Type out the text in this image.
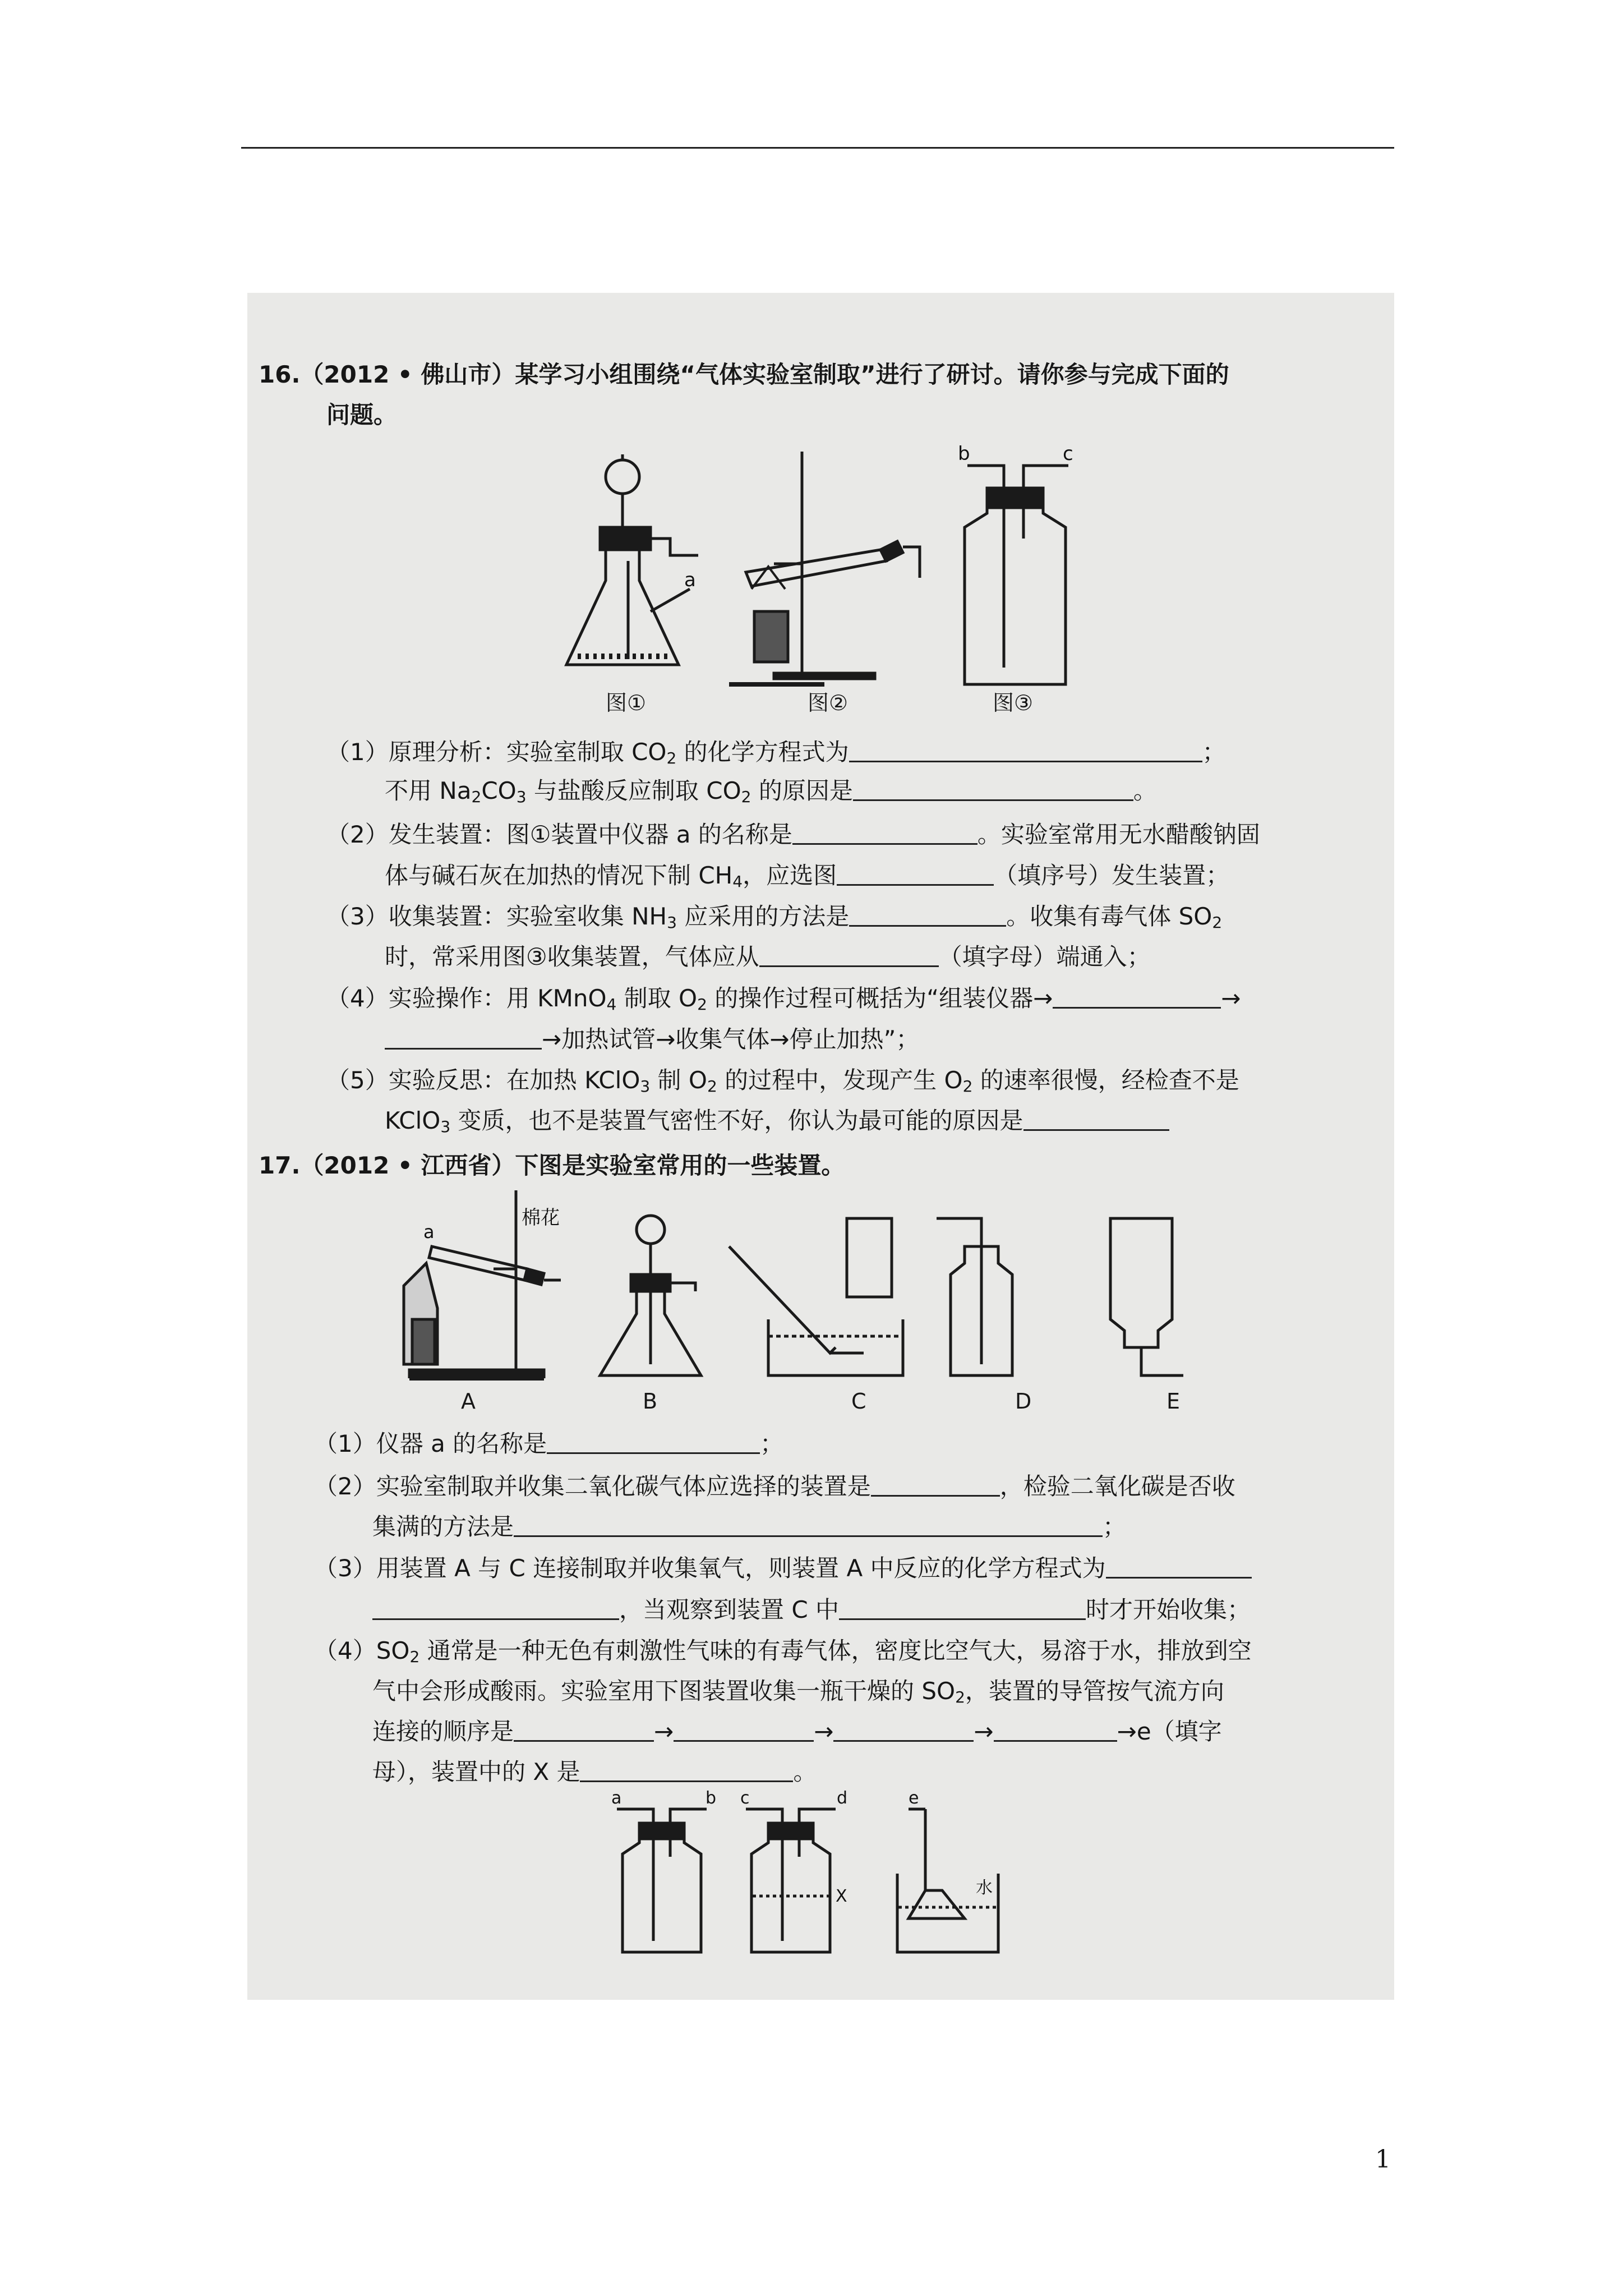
16.（2012 • 佛山市）某学习小组围绕“气体实验室制取”进行了研讨。请你参与完成下面的
问题。
a
b	c
图①	图②	图③
（1）原理分析：实验室制取 $CO_2$ 的化学方程式为	；
不用 $Na_2CO_3$ 与盐酸反应制取 $CO_2$ 的原因是	。
（2）发生装置：图①装置中仪器 a 的名称是	。实验室常用无水醋酸钠固
体与碱石灰在加热的情况下制 $CH_4$，应选图	（填序号）发生装置；
（3）收集装置：实验室收集 $NH_3$ 应采用的方法是	。收集有毒气体 $SO_2$
时，常采用图③收集装置，气体应从	（填字母）端通入；
（4）实验操作：用 KMnO$_4$ 制取 $O_2$ 的操作过程可概括为“组装仪器→	→
→加热试管→收集气体→停止加热”；
（5）实验反思：在加热 KClO$_3$ 制 $O_2$ 的过程中，发现产生 $O_2$ 的速率很慢，经检查不是
KClO$_3$ 变质，也不是装置气密性不好，你认为最可能的原因是
17.（2012 • 江西省）下图是实验室常用的一些装置。
a
棉花
A	B	C	D	E
（1）仪器 a 的名称是	；
（2）实验室制取并收集二氧化碳气体应选择的装置是	，检验二氧化碳是否收
集满的方法是	；
（3）用装置 A 与 C 连接制取并收集氧气，则装置 A 中反应的化学方程式为
，当观察到装置 C 中	时才开始收集；
$(4)SO_2$ 通常是一种无色有刺激性气味的有毒气体，密度比空气大，易溶于水，排放到空
气中会形成酸雨。实验室用下图装置收集一瓶干燥的 $SO_2$，装置的导管按气流方向
连接的顺序是	→	→	→	→e（填字
母），装置中的 X 是	。
a	b c	d	e
X	水
1
